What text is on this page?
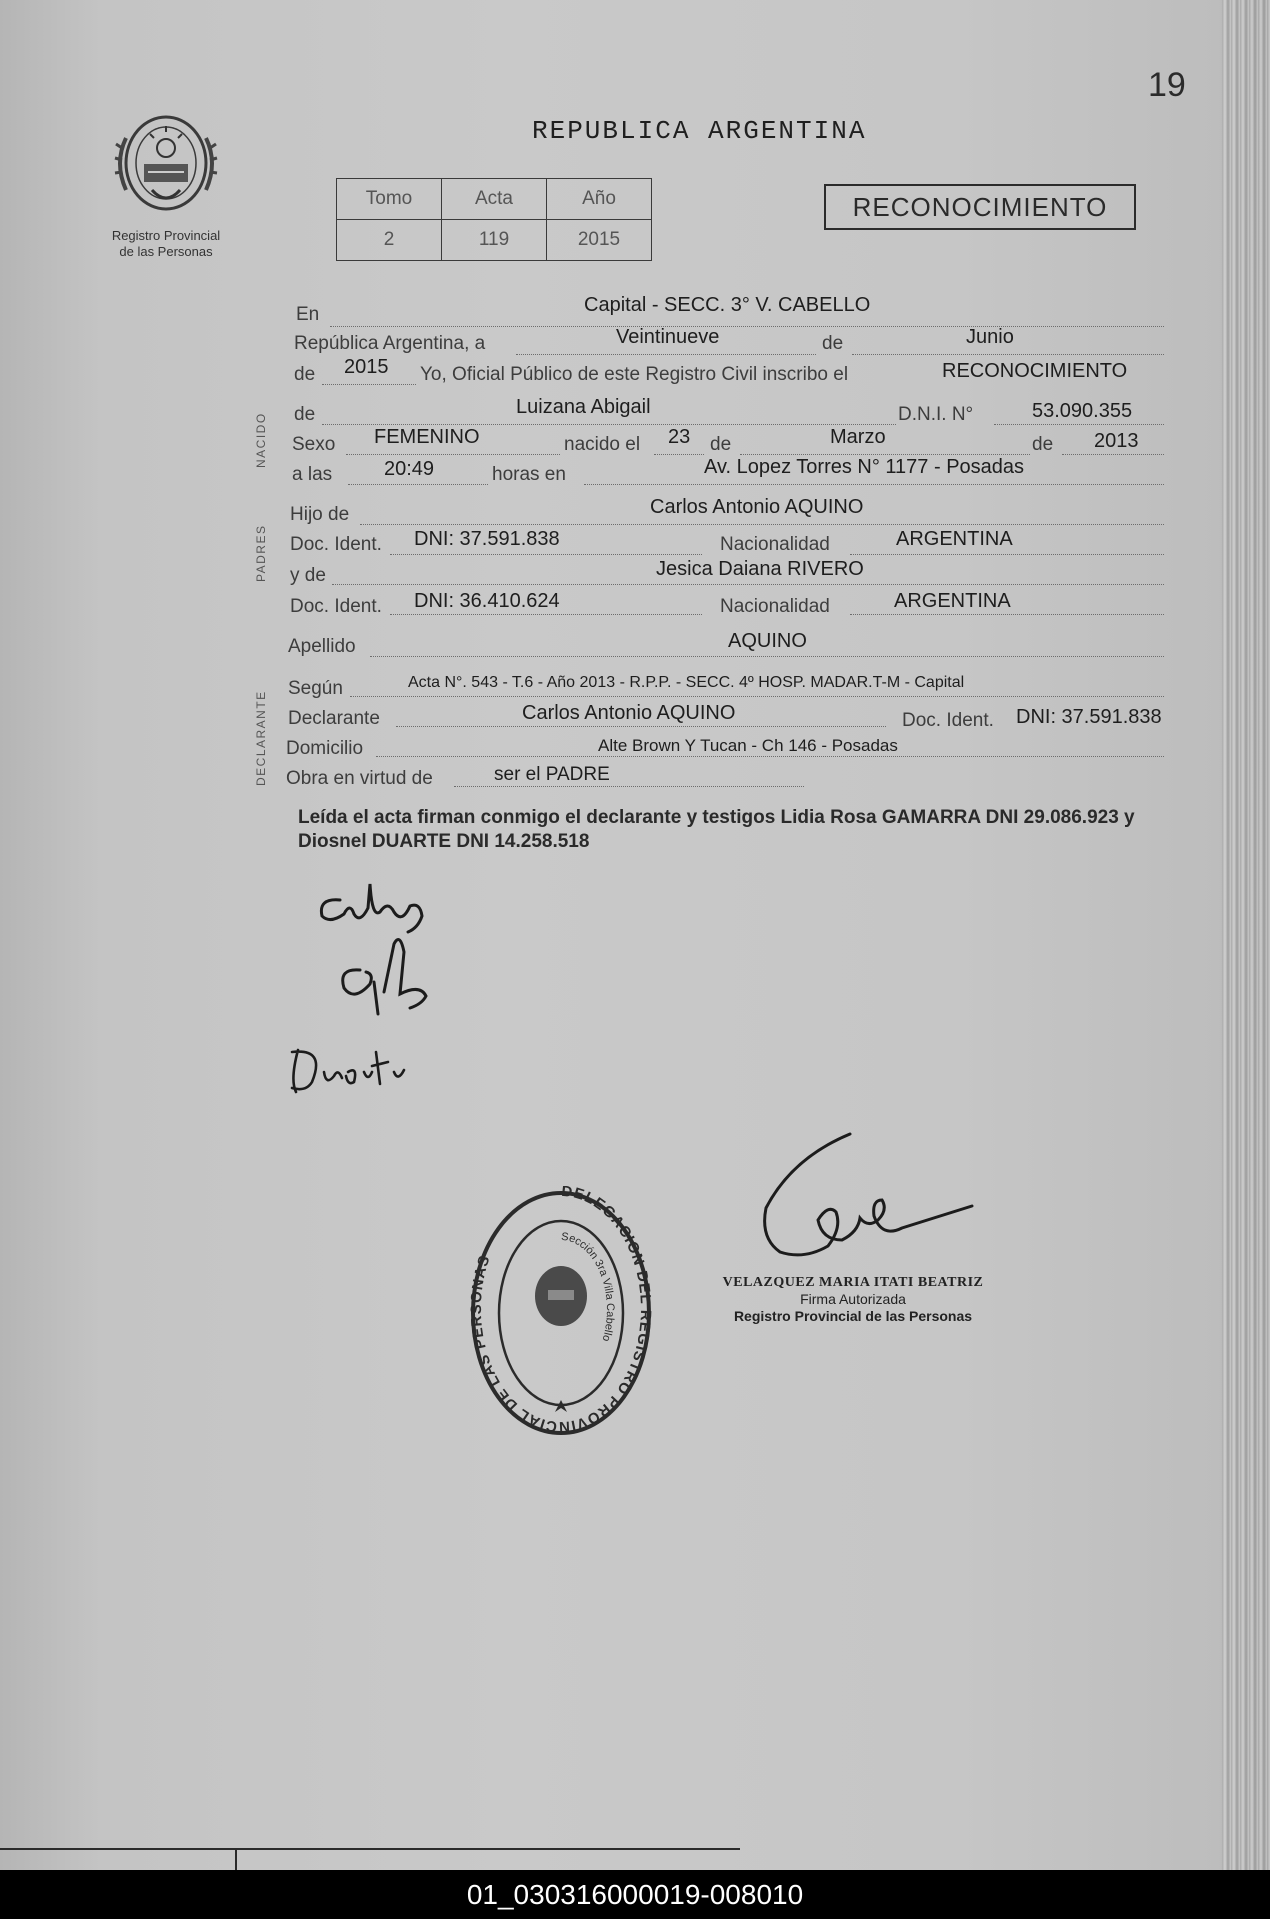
19
REPUBLICA ARGENTINA
Registro Provincial
de las Personas
Tomo	Acta	Año
2	119	2015
RECONOCIMIENTO
NACIDO
PADRES
DECLARANTE
En	Capital - SECC. 3° V. CABELLO
República Argentina, a	Veintinueve	de	Junio
de 2015 Yo, Oficial Público de este Registro Civil inscribo el	RECONOCIMIENTO
de	Luizana Abigail	D.N.I. N°	53.090.355
Sexo FEMENINO	nacido el 23 de	Marzo	de 2013
a las	20:49	horas en	Av. Lopez Torres N° 1177 - Posadas
Hijo de	Carlos Antonio AQUINO
Doc. Ident. DNI: 37.591.838	Nacionalidad	ARGENTINA
y de	Jesica Daiana RIVERO
Doc. Ident. DNI: 36.410.624	Nacionalidad	ARGENTINA
Apellido	AQUINO
Según	Acta N°. 543 - T.6 - Año 2013 - R.P.P. - SECC. 4º HOSP. MADAR.T-M - Capital
Declarante	Carlos Antonio AQUINO	Doc. Ident. DNI: 37.591.838
Domicilio	Alte Brown Y Tucan - Ch 146 - Posadas
Obra en virtud de	ser el PADRE
Leída el acta firman conmigo el declarante y testigos Lidia Rosa GAMARRA DNI 29.086.923 y Diosnel DUARTE DNI 14.258.518
DELEGACION DEL REGISTRO PROVINCIAL DE LAS PERSONAS
Sección 3ra Villa Cabello
VELAZQUEZ MARIA ITATI BEATRIZ
Firma Autorizada
Registro Provincial de las Personas
01_030316000019-008010
